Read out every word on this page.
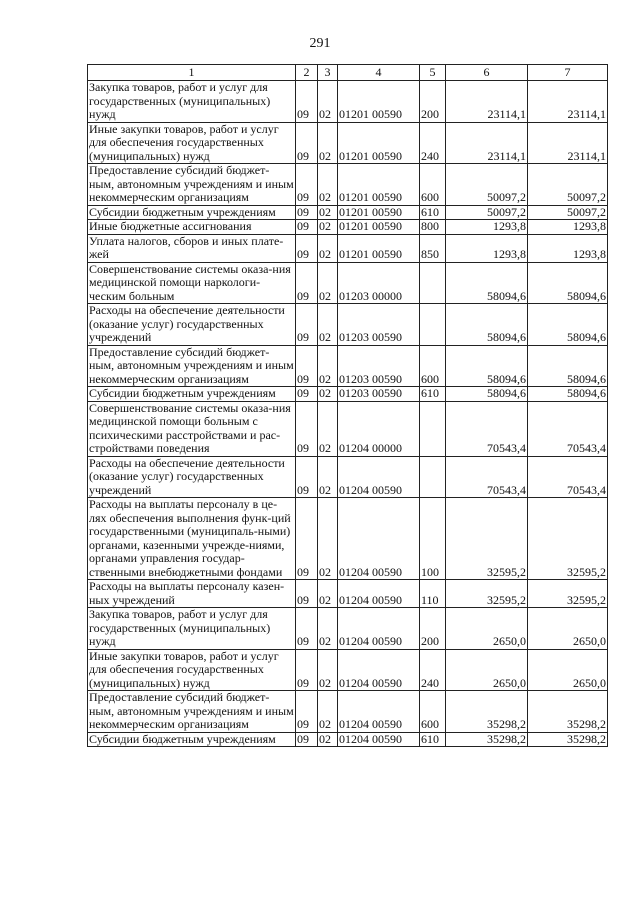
291
1	2	3	4	5	6	7
Закупка товаров, работ и услуг для государственных (муниципальных) нужд	09	02	01201 00590	200	23114,1	23114,1
Иные закупки товаров, работ и услуг для обеспечения государственных (муниципальных) нужд	09	02	01201 00590	240	23114,1	23114,1
Предоставление субсидий бюджет-ным, автономным учреждениям и иным некоммерческим организациям	09	02	01201 00590	600	50097,2	50097,2
Субсидии бюджетным учреждениям	09	02	01201 00590	610	50097,2	50097,2
Иные бюджетные ассигнования	09	02	01201 00590	800	1293,8	1293,8
Уплата налогов, сборов и иных плате-жей	09	02	01201 00590	850	1293,8	1293,8
Совершенствование системы оказа-ния медицинской помощи наркологи-ческим больным	09	02	01203 00000		58094,6	58094,6
Расходы на обеспечение деятельности (оказание услуг) государственных учреждений	09	02	01203 00590		58094,6	58094,6
Предоставление субсидий бюджет-ным, автономным учреждениям и иным некоммерческим организациям	09	02	01203 00590	600	58094,6	58094,6
Субсидии бюджетным учреждениям	09	02	01203 00590	610	58094,6	58094,6
Совершенствование системы оказа-ния медицинской помощи больным с психическими расстройствами и рас-стройствами поведения	09	02	01204 00000		70543,4	70543,4
Расходы на обеспечение деятельности (оказание услуг) государственных учреждений	09	02	01204 00590		70543,4	70543,4
Расходы на выплаты персоналу в це-лях обеспечения выполнения функ-ций государственными (муниципаль-ными) органами, казенными учрежде-ниями, органами управления государ-ственными внебюджетными фондами	09	02	01204 00590	100	32595,2	32595,2
Расходы на выплаты персоналу казен-ных учреждений	09	02	01204 00590	110	32595,2	32595,2
Закупка товаров, работ и услуг для государственных (муниципальных) нужд	09	02	01204 00590	200	2650,0	2650,0
Иные закупки товаров, работ и услуг для обеспечения государственных (муниципальных) нужд	09	02	01204 00590	240	2650,0	2650,0
Предоставление субсидий бюджет-ным, автономным учреждениям и иным некоммерческим организациям	09	02	01204 00590	600	35298,2	35298,2
Субсидии бюджетным учреждениям	09	02	01204 00590	610	35298,2	35298,2
